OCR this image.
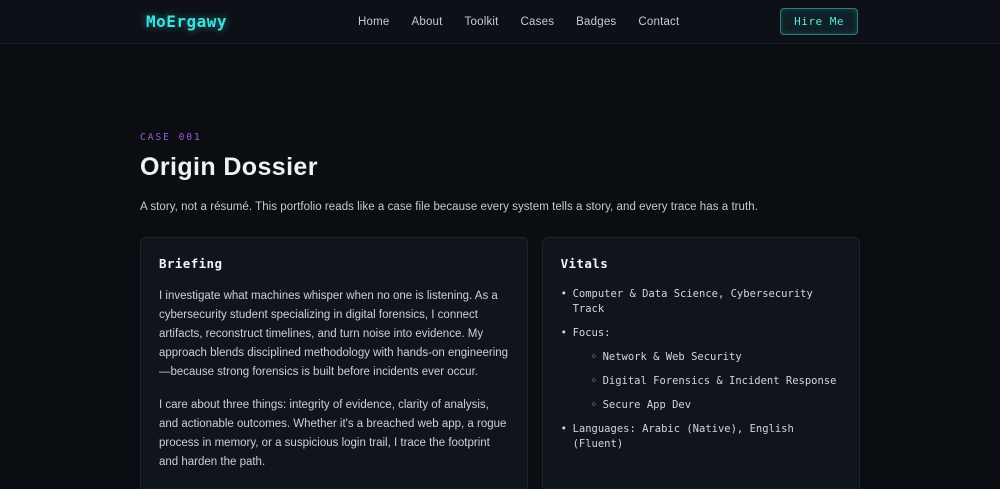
MoErgawy	Home About Toolkit Cases Badges Contact	Hire Me
CASE 001
Origin Dossier
A story, not a résumé. This portfolio reads like a case file because every system tells a story, and every trace has a truth.
Briefing

I investigate what machines whisper when no one is listening. As a cybersecurity student specializing in digital forensics, I connect artifacts, reconstruct timelines, and turn noise into evidence. My approach blends disciplined methodology with hands-on engineering—because strong forensics is built before incidents ever occur.

I care about three things: integrity of evidence, clarity of analysis, and actionable outcomes. Whether it's a breached web app, a rogue process in memory, or a suspicious login trail, I trace the footprint and harden the path.

Vitals
• Computer & Data Science, Cybersecurity Track
• Focus:
◦ Network & Web Security
◦ Digital Forensics & Incident Response
◦ Secure App Dev
• Languages: Arabic (Native), English (Fluent)
